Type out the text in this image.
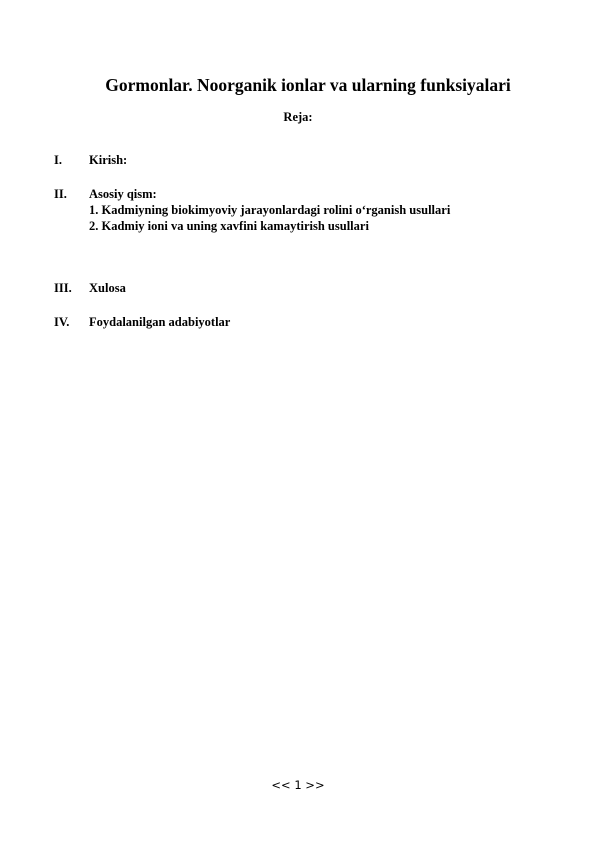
Gormonlar. Noorganik ionlar va ularning funksiyalari
Reja:
I. Kirish:
II. Asosiy qism:
1. Kadmiyning biokimyoviy jarayonlardagi rolini o‘rganish usullari
2. Kadmiy ioni va uning xavfini kamaytirish usullari
III. Xulosa
IV. Foydalanilgan adabiyotlar
<< 1 >>
